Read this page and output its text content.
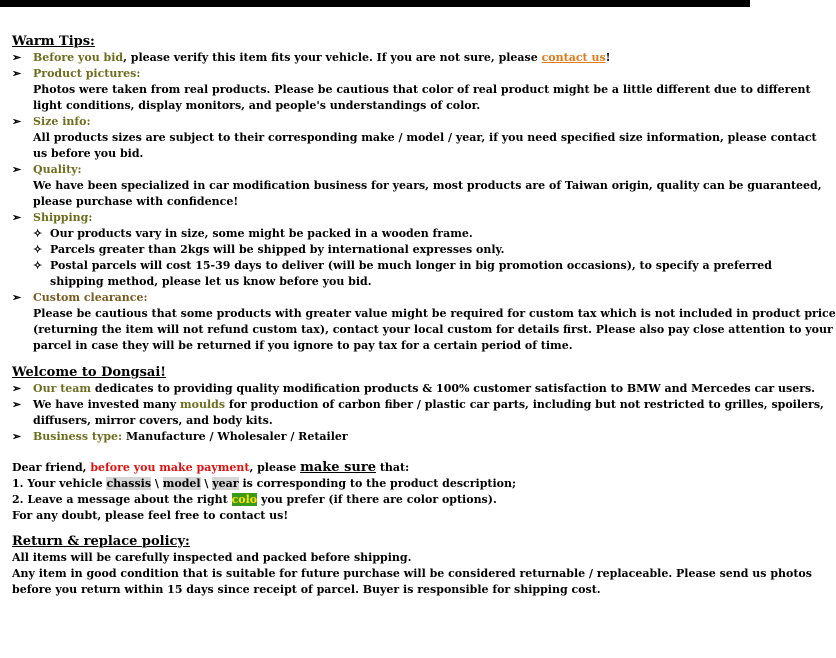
Warm Tips:
➢	Before you bid, please verify this item fits your vehicle. If you are not sure, please contact us!
➢	Product pictures:
Photos were taken from real products. Please be cautious that color of real product might be a little different due to different
light conditions, display monitors, and people's understandings of color.
➢	Size info:
All products sizes are subject to their corresponding make / model / year, if you need specified size information, please contact
us before you bid.
➢	Quality:
We have been specialized in car modification business for years, most products are of Taiwan origin, quality can be guaranteed,
please purchase with confidence!
➢	Shipping:
✧ Our products vary in size, some might be packed in a wooden frame.
✧ Parcels greater than 2kgs will be shipped by international expresses only.
✧ Postal parcels will cost 15-39 days to deliver (will be much longer in big promotion occasions), to specify a preferred
shipping method, please let us know before you bid.
➢	Custom clearance:
Please be cautious that some products with greater value might be required for custom tax which is not included in product price
(returning the item will not refund custom tax), contact your local custom for details first. Please also pay close attention to your
parcel in case they will be returned if you ignore to pay tax for a certain period of time.
Welcome to Dongsai!
➢	Our team dedicates to providing quality modification products & 100% customer satisfaction to BMW and Mercedes car users.
➢	We have invested many moulds for production of carbon fiber / plastic car parts, including but not restricted to grilles, spoilers,
diffusers, mirror covers, and body kits.
➢	Business type: Manufacture / Wholesaler / Retailer
Dear friend, before you make payment, please make sure that:
1. Your vehicle chassis \ model \ year is corresponding to the product description;
2. Leave a message about the right colo you prefer (if there are color options).
For any doubt, please feel free to contact us!
Return & replace policy:
All items will be carefully inspected and packed before shipping.
Any item in good condition that is suitable for future purchase will be considered returnable / replaceable. Please send us photos
before you return within 15 days since receipt of parcel. Buyer is responsible for shipping cost.
